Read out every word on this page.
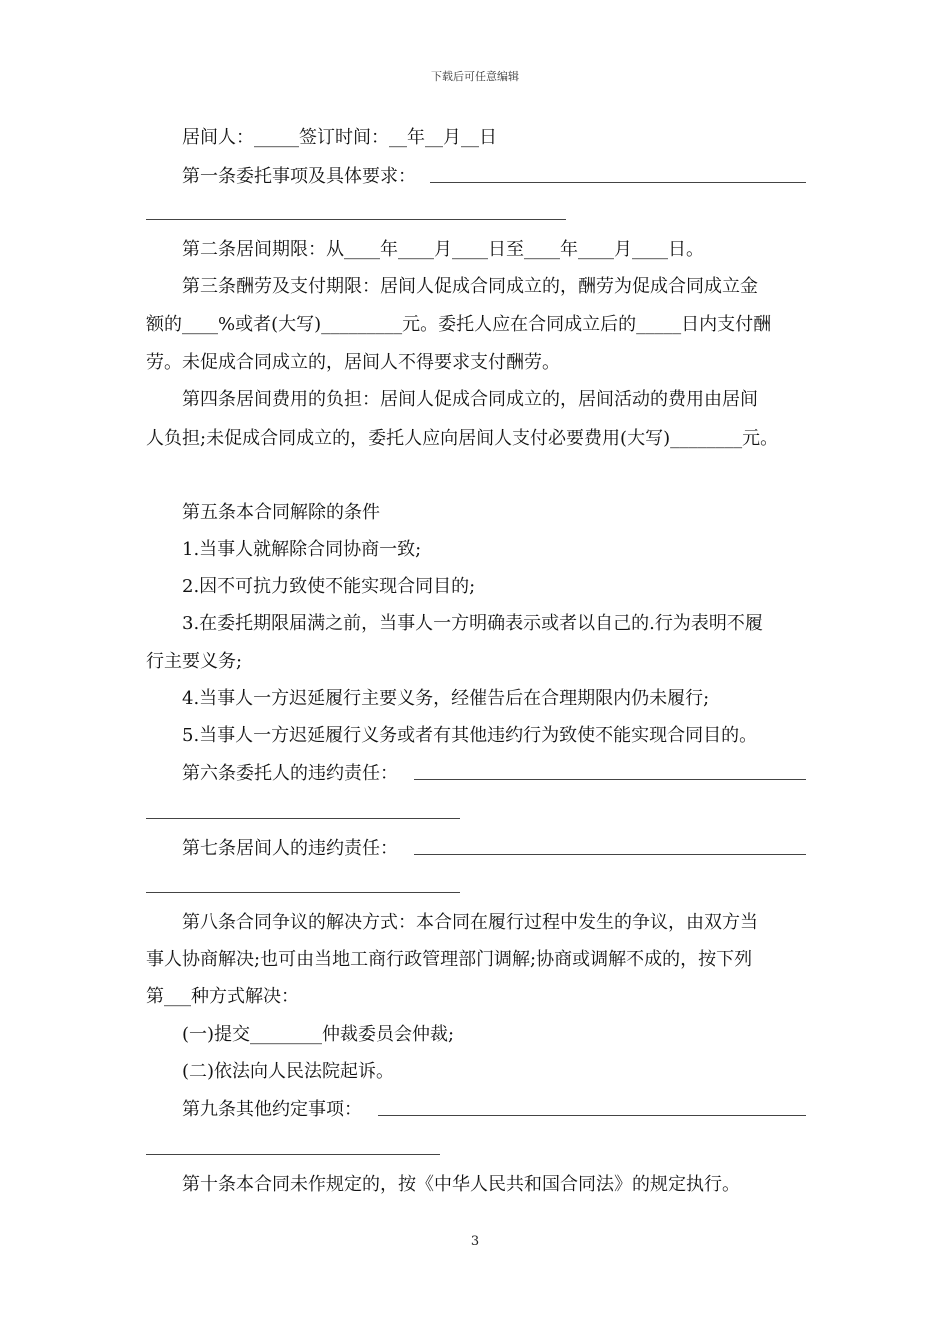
下载后可任意编辑
居间人：_____签订时间：__年__月__日
第一条委托事项及具体要求：
第二条居间期限：从____年____月____日至____年____月____日。
第三条酬劳及支付期限：居间人促成合同成立的，酬劳为促成合同成立金
额的____%或者(大写)_________元。委托人应在合同成立后的_____日内支付酬
劳。未促成合同成立的，居间人不得要求支付酬劳。
第四条居间费用的负担：居间人促成合同成立的，居间活动的费用由居间
人负担;未促成合同成立的，委托人应向居间人支付必要费用(大写)________元。
第五条本合同解除的条件
1.当事人就解除合同协商一致;
2.因不可抗力致使不能实现合同目的;
3.在委托期限届满之前，当事人一方明确表示或者以自己的.行为表明不履
行主要义务;
4.当事人一方迟延履行主要义务，经催告后在合理期限内仍未履行;
5.当事人一方迟延履行义务或者有其他违约行为致使不能实现合同目的。
第六条委托人的违约责任：
第七条居间人的违约责任：
第八条合同争议的解决方式：本合同在履行过程中发生的争议，由双方当
事人协商解决;也可由当地工商行政管理部门调解;协商或调解不成的，按下列
第___种方式解决：
(一)提交________仲裁委员会仲裁;
(二)依法向人民法院起诉。
第九条其他约定事项：
第十条本合同未作规定的，按《中华人民共和国合同法》的规定执行。
3
